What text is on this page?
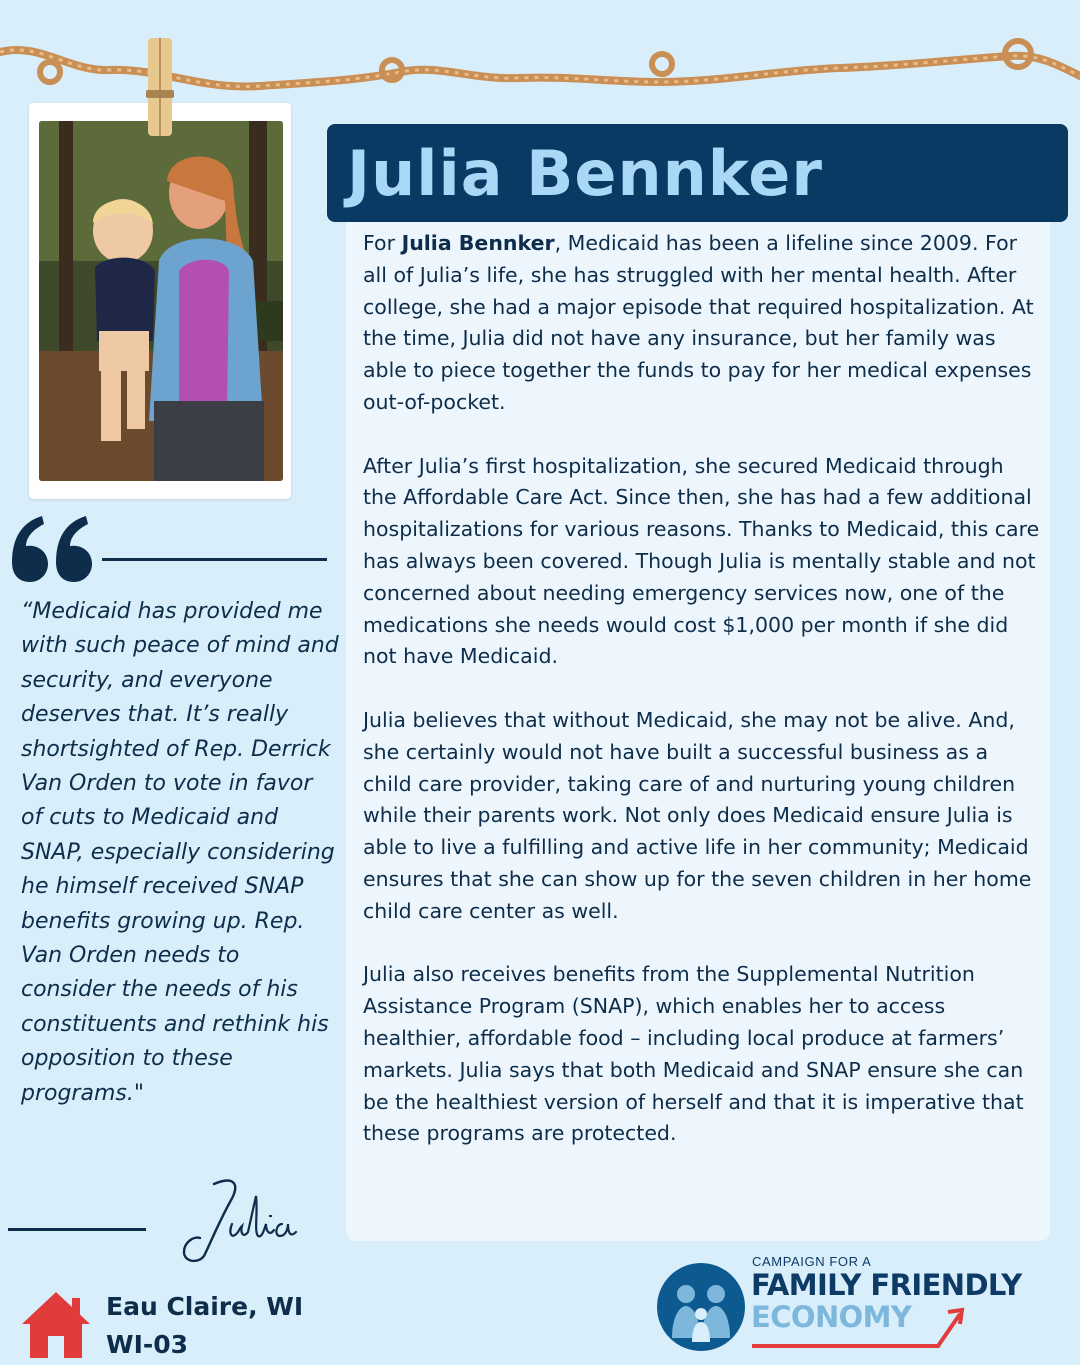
Julia Bennker

For Julia Bennker, Medicaid has been a lifeline since 2009. For all of Julia’s life, she has struggled with her mental health. After college, she had a major episode that required hospitalization. At the time, Julia did not have any insurance, but her family was able to piece together the funds to pay for her medical expenses out-of-pocket.

After Julia’s first hospitalization, she secured Medicaid through the Affordable Care Act. Since then, she has had a few additional hospitalizations for various reasons. Thanks to Medicaid, this care has always been covered. Though Julia is mentally stable and not concerned about needing emergency services now, one of the medications she needs would cost $1,000 per month if she did not have Medicaid.

Julia believes that without Medicaid, she may not be alive. And, she certainly would not have built a successful business as a child care provider, taking care of and nurturing young children while their parents work. Not only does Medicaid ensure Julia is able to live a fulfilling and active life in her community; Medicaid ensures that she can show up for the seven children in her home child care center as well.

Julia also receives benefits from the Supplemental Nutrition Assistance Program (SNAP), which enables her to access healthier, affordable food – including local produce at farmers’ markets. Julia says that both Medicaid and SNAP ensure she can be the healthiest version of herself and that it is imperative that these programs are protected.

“Medicaid has provided me with such peace of mind and security, and everyone deserves that. It’s really shortsighted of Rep. Derrick Van Orden to vote in favor of cuts to Medicaid and SNAP, especially considering he himself received SNAP benefits growing up. Rep. Van Orden needs to consider the needs of his constituents and rethink his opposition to these programs."
Eau Claire, WI
WI-03
CAMPAIGN FOR A
FAMILY FRIENDLY
ECONOMY
